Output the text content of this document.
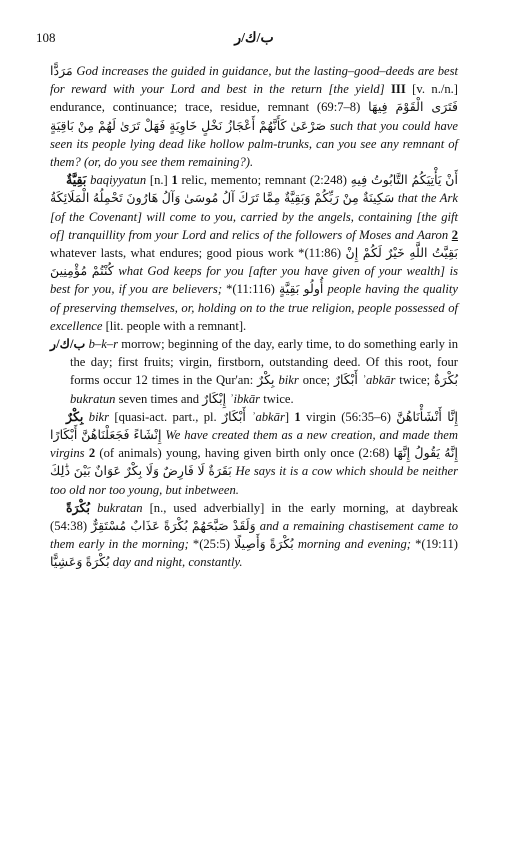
108	ب/ك/ر

مَرَدًّا God increases the guided in guidance, but the lasting–good–deeds are best for reward with your Lord and best in the return [the yield] III [v. n./n.] endurance, continuance; trace, residue, remnant (69:7–8) فَتَرَى الْقَوْمَ فِيهَا صَرْعَىٰ كَأَنَّهُمْ أَعْجَازُ نَخْلٍ خَاوِيَةٍ فَهَلْ تَرَىٰ لَهُمْ مِنْ بَاقِيَةٍ such that you could have seen its people lying dead like hollow palm-trunks, can you see any remnant of them? (or, do you see them remaining?).

بَقِيَّةٌ baqiyyatun [n.] 1 relic, memento; remnant (2:248) أَنْ يَأْتِيَكُمُ التَّابُوتُ فِيهِ سَكِينَةٌ مِنْ رَبِّكُمْ وَبَقِيَّةٌ مِمَّا تَرَكَ آلُ مُوسَىٰ وَآلُ هَارُونَ تَحْمِلُهُ الْمَلَائِكَةُ that the Ark [of the Covenant] will come to you, carried by the angels, containing [the gift of] tranquillity from your Lord and relics of the followers of Moses and Aaron 2 whatever lasts, what endures; good pious work *(11:86) بَقِيَّتُ اللَّهِ خَيْرٌ لَكُمْ إِنْ كُنْتُمْ مُؤْمِنِينَ what God keeps for you [after you have given of your wealth] is best for you, if you are believers; *(11:116) أُولُو بَقِيَّةٍ people having the quality of preserving themselves, or, holding on to the true religion, people possessed of excellence [lit. people with a remnant].

ب/ك/ر b–k–r morrow; beginning of the day, early time, to do something early in the day; first fruits; virgin, firstborn, outstanding deed. Of this root, four forms occur 12 times in the Qur'an: بِكْرٌ bikr once; أَبْكَارٌ ʾabkār twice; بُكْرَةٌ bukratun seven times and إِبْكَارٌ ʾibkār twice.

بِكْرٌ bikr [quasi-act. part., pl. أَبْكَارٌ ʾabkār] 1 virgin (56:35–6) إِنَّا أَنْشَأْنَاهُنَّ إِنْشَاءً فَجَعَلْنَاهُنَّ أَبْكَارًا We have created them as a new creation, and made them virgins 2 (of animals) young, having given birth only once (2:68) إِنَّهُ يَقُولُ إِنَّهَا بَقَرَةٌ لَا فَارِضٌ وَلَا بِكْرٌ عَوَانٌ بَيْنَ ذَٰلِكَ He says it is a cow which should be neither too old nor too young, but inbetween.

بُكْرَةً bukratan [n., used adverbially] in the early morning, at daybreak (54:38) وَلَقَدْ صَبَّحَهُمْ بُكْرَةً عَذَابٌ مُسْتَقِرٌّ and a remaining chastisement came to them early in the morning; *(25:5) بُكْرَةً وَأَصِيلًا morning and evening; *(19:11) بُكْرَةً وَعَشِيًّا day and night, constantly.
